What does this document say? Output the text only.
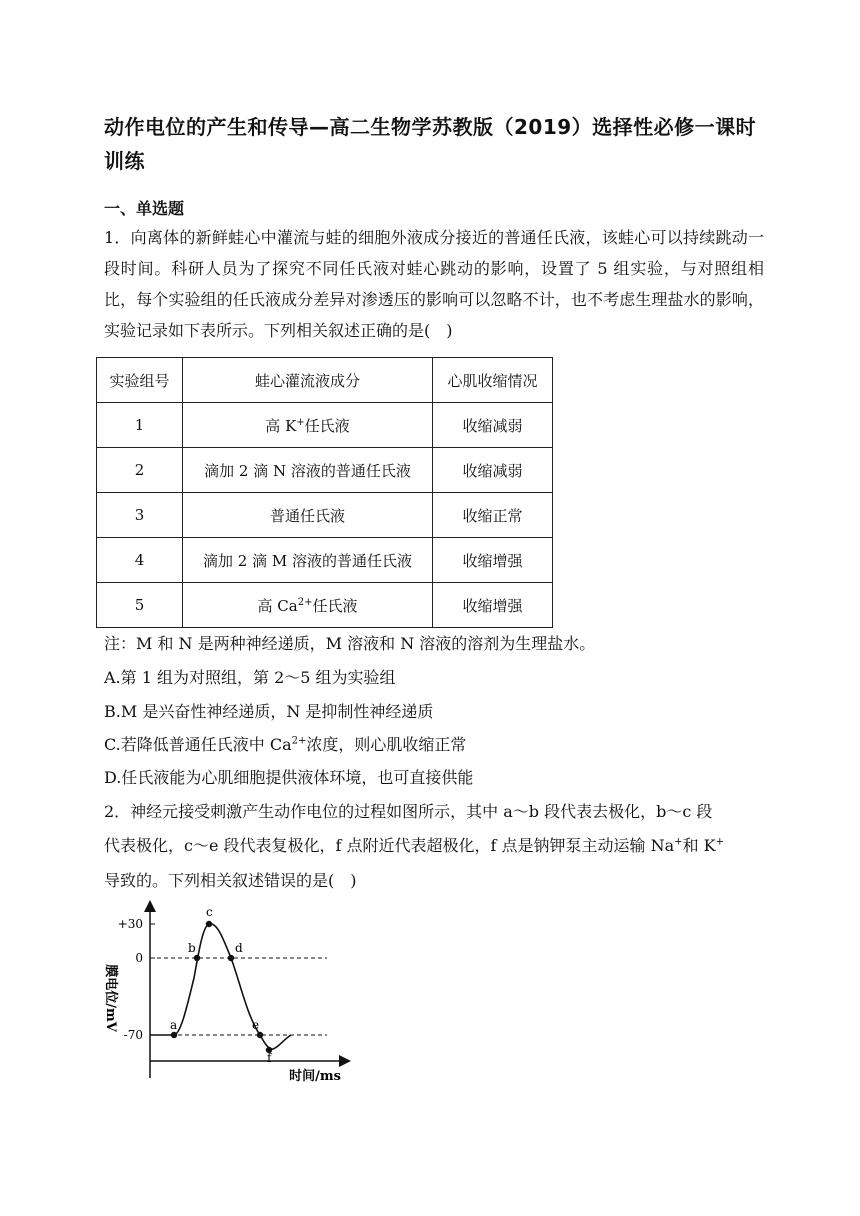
动作电位的产生和传导—高二生物学苏教版（2019）选择性必修一课时训练
一、单选题
1．向离体的新鲜蛙心中灌流与蛙的细胞外液成分接近的普通任氏液，该蛙心可以持续跳动一段时间。科研人员为了探究不同任氏液对蛙心跳动的影响，设置了 5 组实验，与对照组相比，每个实验组的任氏液成分差异对渗透压的影响可以忽略不计，也不考虑生理盐水的影响，实验记录如下表所示。下列相关叙述正确的是(　)
实验组号	蛙心灌流液成分	心肌收缩情况
1	高 K+任氏液	收缩减弱
2	滴加 2 滴 N 溶液的普通任氏液	收缩减弱
3	普通任氏液	收缩正常
4	滴加 2 滴 M 溶液的普通任氏液	收缩增强
5	高 $Ca^{2+}$任氏液	收缩增强
注：M 和 N 是两种神经递质，M 溶液和 N 溶液的溶剂为生理盐水。
A.第 1 组为对照组，第 2～5 组为实验组
B.M 是兴奋性神经递质，N 是抑制性神经递质
C.若降低普通任氏液中 $Ca^{2+}$浓度，则心肌收缩正常
D.任氏液能为心肌细胞提供液体环境，也可直接供能
2．神经元接受刺激产生动作电位的过程如图所示，其中 a～b 段代表去极化，b～c 段
代表极化，c～e 段代表复极化，f 点附近代表超极化，f 点是钠钾泵主动运输 Na+和 K+
导致的。下列相关叙述错误的是(　)
+30
0
-70
膜电位/mV
时间/ms
a
b
c
d
e
f
